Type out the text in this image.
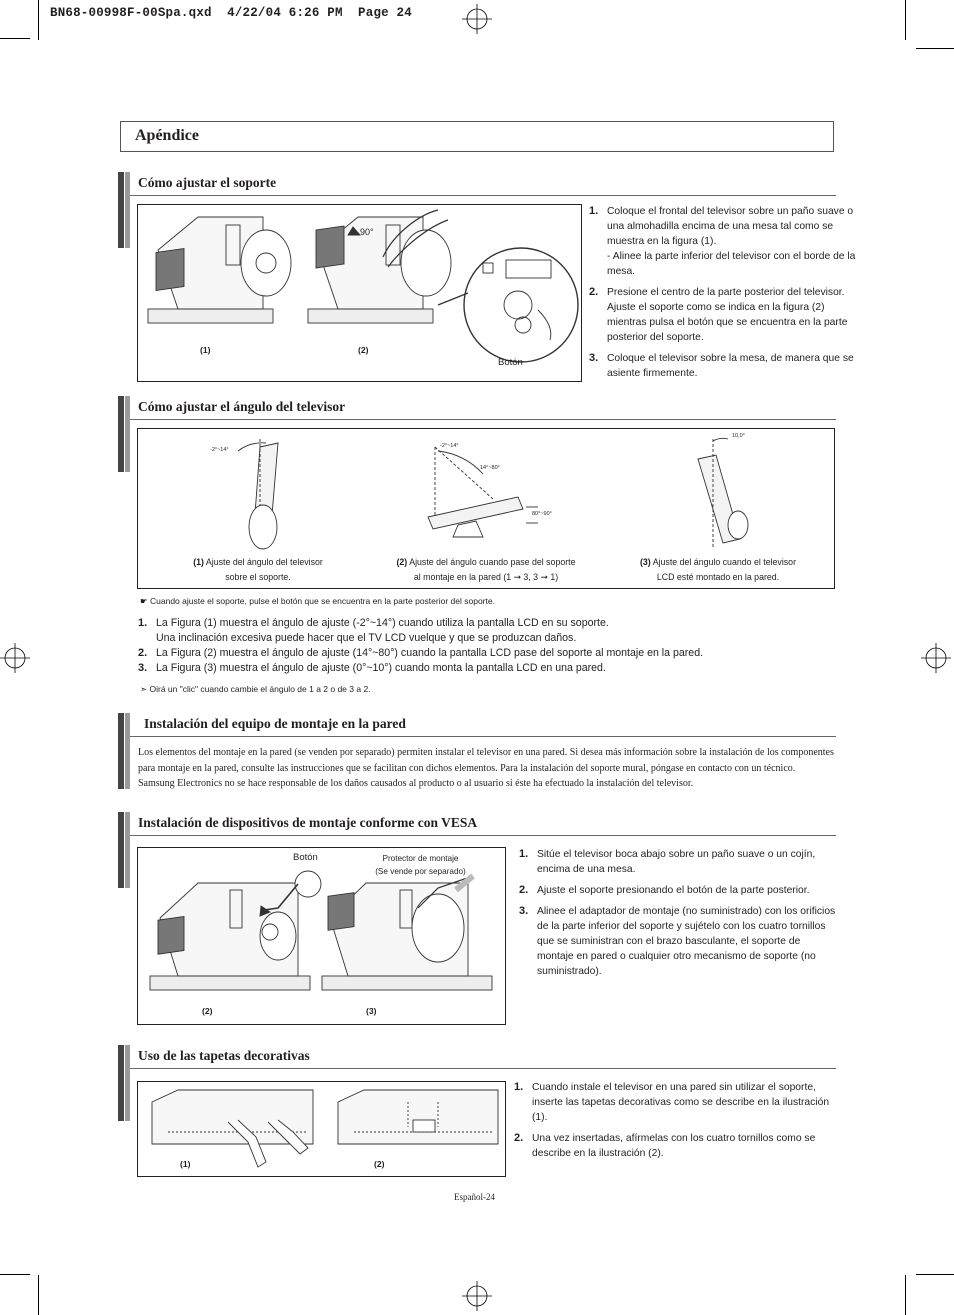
BN68-00998F-00Spa.qxd  4/22/04 6:26 PM  Page 24
Apéndice
Cómo ajustar el soporte
90°
(1)	(2)
Botón
1. Coloque el frontal del televisor sobre un paño suave o una almohadilla encima de una mesa tal como se muestra en la figura (1).
- Alinee la parte inferior del televisor con el borde de la mesa.
2. Presione el centro de la parte posterior del televisor. Ajuste el soporte como se indica en la figura (2) mientras pulsa el botón que se encuentra en la parte posterior del soporte.
3. Coloque el televisor sobre la mesa, de manera que se asiente firmemente.
Cómo ajustar el ángulo del televisor
-2°~14°
-2°~14°
14°~80°
80°~90°
10,0°
(1) Ajuste del ángulo del televisor
sobre el soporte.
(2) Ajuste del ángulo cuando pase del soporte
al montaje en la pared (1 ➞ 3, 3 ➞ 1)
(3) Ajuste del ángulo cuando el televisor
LCD esté montado en la pared.
☛ Cuando ajuste el soporte, pulse el botón que se encuentra en la parte posterior del soporte.
1. La Figura (1) muestra el ángulo de ajuste (-2°~14°) cuando utiliza la pantalla LCD en su soporte.
Una inclinación excesiva puede hacer que el TV LCD vuelque y que se produzcan daños.
2. La Figura (2) muestra el ángulo de ajuste (14°~80°) cuando la pantalla LCD pase del soporte al montaje en la pared.
3. La Figura (3) muestra el ángulo de ajuste (0°~10°) cuando monta la pantalla LCD en una pared.
➣ Oirá un "clic" cuando cambie el ángulo de 1 a 2 o de 3 a 2.
Instalación del equipo de montaje en la pared
Los elementos del montaje en la pared (se venden por separado) permiten instalar el televisor en una pared. Si desea más información sobre la instalación de los componentes para montaje en la pared, consulte las instrucciones que se facilitan con dichos elementos. Para la instalación del soporte mural, póngase en contacto con un técnico. Samsung Electronics no se hace responsable de los daños causados al producto o al usuario si éste ha efectuado la instalación del televisor.
Instalación de dispositivos de montaje conforme con VESA
Botón	Protector de montaje
(Se vende por separado)
(2)	(3)
1. Sitúe el televisor boca abajo sobre un paño suave o un cojín, encima de una mesa.
2. Ajuste el soporte presionando el botón de la parte posterior.
3. Alinee el adaptador de montaje (no suministrado) con los orificios de la parte inferior del soporte y sujételo con los cuatro tornillos que se suministran con el brazo basculante, el soporte de montaje en pared o cualquier otro mecanismo de soporte (no suministrado).
Uso de las tapetas decorativas
(1)	(2)
1. Cuando instale el televisor en una pared sin utilizar el soporte, inserte las tapetas decorativas como se describe en la ilustración (1).
2. Una vez insertadas, afírmelas con los cuatro tornillos como se describe en la ilustración (2).
Español-24
